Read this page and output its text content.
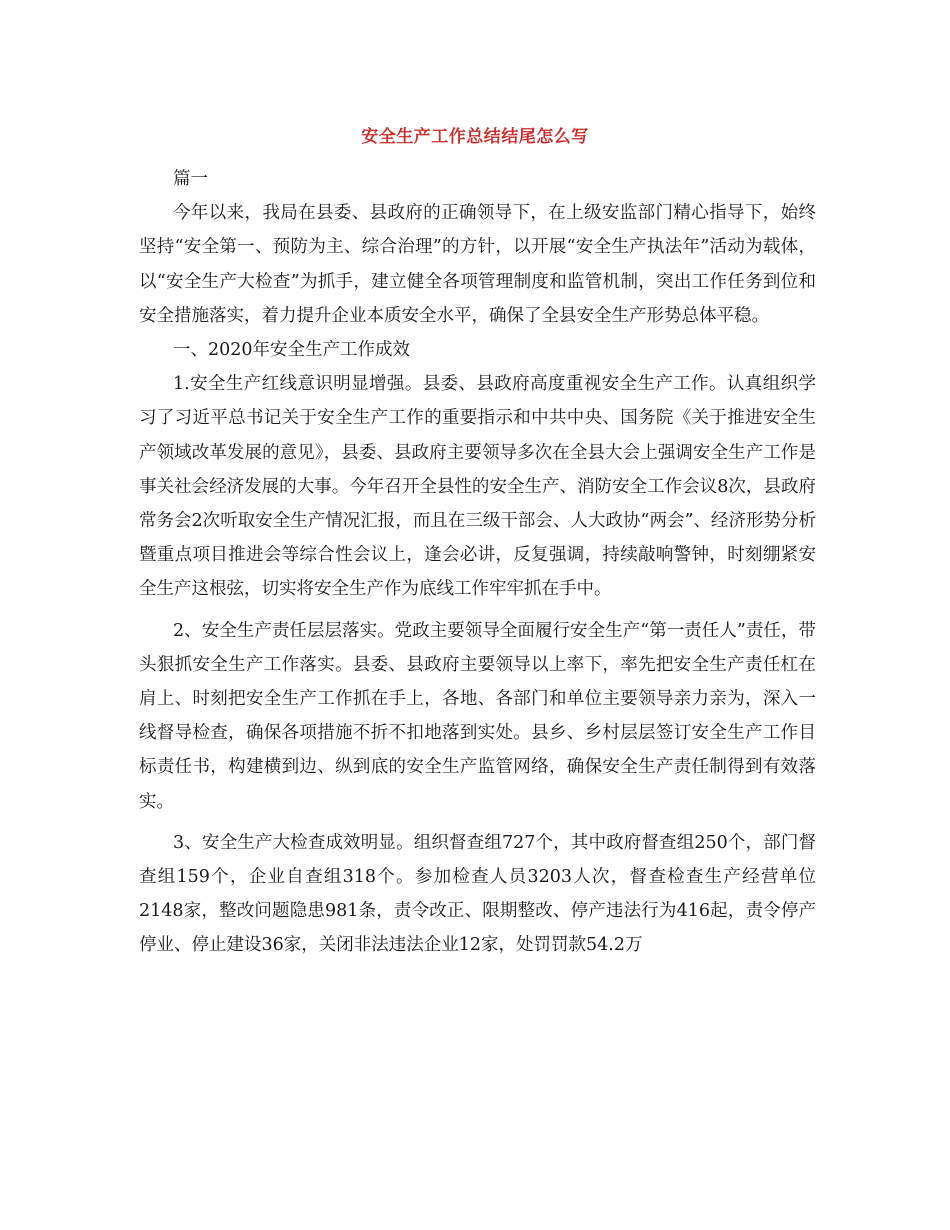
安全生产工作总结结尾怎么写

篇一

今年以来，我局在县委、县政府的正确领导下，在上级安监部门精心指导下，始终坚持“安全第一、预防为主、综合治理”的方针，以开展“安全生产执法年”活动为载体，以“安全生产大检查”为抓手，建立健全各项管理制度和监管机制，突出工作任务到位和安全措施落实，着力提升企业本质安全水平，确保了全县安全生产形势总体平稳。

一、2020年安全生产工作成效

1.安全生产红线意识明显增强。县委、县政府高度重视安全生产工作。认真组织学习了习近平总书记关于安全生产工作的重要指示和中共中央、国务院《关于推进安全生产领域改革发展的意见》，县委、县政府主要领导多次在全县大会上强调安全生产工作是事关社会经济发展的大事。今年召开全县性的安全生产、消防安全工作会议8次，县政府常务会2次听取安全生产情况汇报，而且在三级干部会、人大政协“两会”、经济形势分析暨重点项目推进会等综合性会议上，逢会必讲，反复强调，持续敲响警钟，时刻绷紧安全生产这根弦，切实将安全生产作为底线工作牢牢抓在手中。

2、安全生产责任层层落实。党政主要领导全面履行安全生产“第一责任人”责任，带头狠抓安全生产工作落实。县委、县政府主要领导以上率下，率先把安全生产责任杠在肩上、时刻把安全生产工作抓在手上，各地、各部门和单位主要领导亲力亲为，深入一线督导检查，确保各项措施不折不扣地落到实处。县乡、乡村层层签订安全生产工作目标责任书，构建横到边、纵到底的安全生产监管网络，确保安全生产责任制得到有效落实。

3、安全生产大检查成效明显。组织督查组727个，其中政府督查组250个，部门督查组159个，企业自查组318个。参加检查人员3203人次，督查检查生产经营单位2148家，整改问题隐患981条，责令改正、限期整改、停产违法行为416起，责令停产停业、停止建设36家，关闭非法违法企业12家，处罚罚款54.2万
